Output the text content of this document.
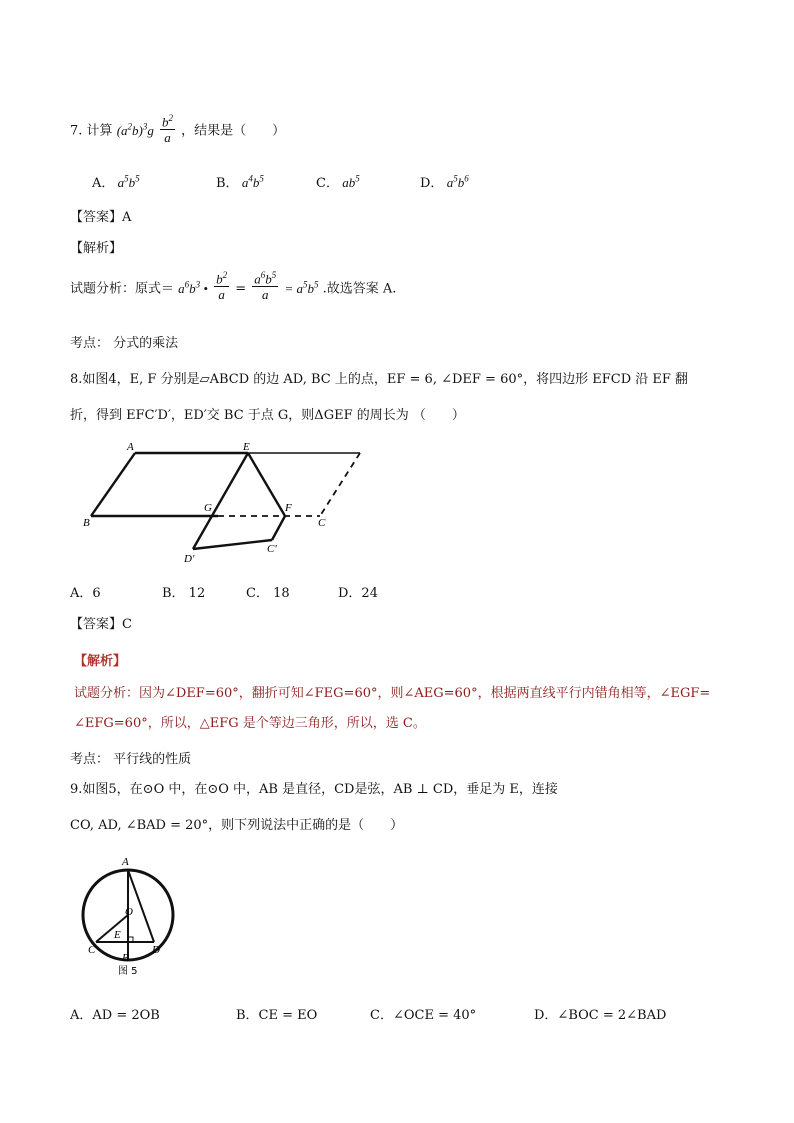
7. 计算 $(a^2b)^3g \frac{b^2}{a}$ ，结果是（　　）
A． $a^5b^5$	B． $a^4b^5$	C． $ab^5$	D． $a^5b^6$
【答案】A
【解析】
试题分析：原式＝ $a^6b^3$ • $\frac{b^2}{a} = \frac{a^6b^5}{a} = a^5b^5$ .故选答案 A.
考点： 分式的乘法
8.如图4，E, F 分别是▱ABCD 的边 AD, BC 上的点，EF = 6, ∠DEF = 60°，将四边形 EFCD 沿 EF 翻
折，得到 EFC′D′，ED′交 BC 于点 G，则ΔGEF 的周长为 （　　）
A	E
B
G	F
C
D′
C′
A．6	B． 12	C． 18	D．24
【答案】C
【解析】
试题分析：因为∠DEF=60°，翻折可知∠FEG=60°，则∠AEG=60°，根据两直线平行内错角相等，∠EGF=
∠EFG=60°，所以，△EFG 是个等边三角形，所以，选 C。
考点： 平行线的性质
9.如图5，在⊙O 中，在⊙O 中，AB 是直径，CD是弦，AB ⊥ CD，垂足为 E，连接
CO, AD, ∠BAD = 20°，则下列说法中正确的是（　　）
A
O
C
E
D
B
图 5
A．AD = 2OB	B．CE = EO	C．∠OCE = 40°	D．∠BOC = 2∠BAD
